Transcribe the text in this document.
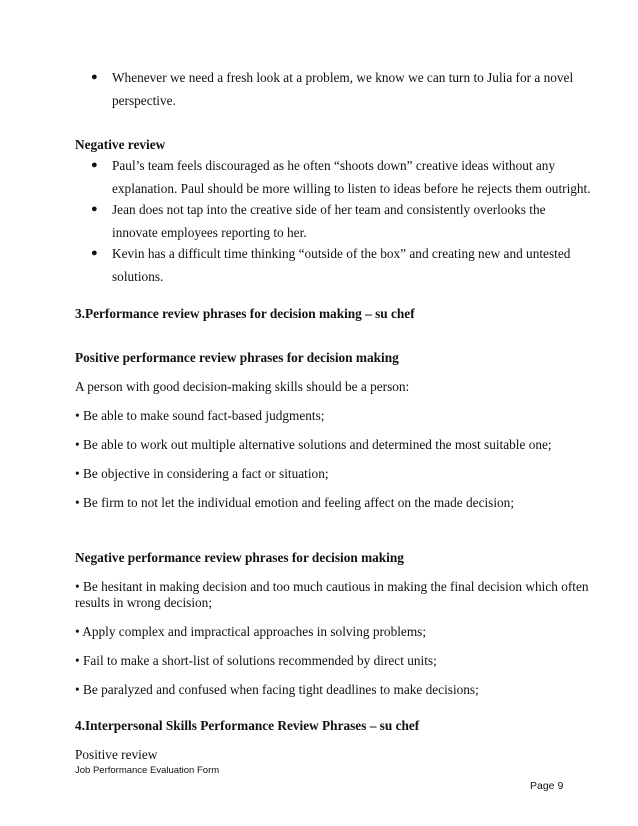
● Whenever we need a fresh look at a problem, we know we can turn to Julia for a novel
perspective.
Negative review
● Paul’s team feels discouraged as he often “shoots down” creative ideas without any
explanation. Paul should be more willing to listen to ideas before he rejects them outright.
● Jean does not tap into the creative side of her team and consistently overlooks the
innovate employees reporting to her.
● Kevin has a difficult time thinking “outside of the box” and creating new and untested
solutions.
3.Performance review phrases for decision making – su chef
Positive performance review phrases for decision making
A person with good decision-making skills should be a person:
• Be able to make sound fact-based judgments;
• Be able to work out multiple alternative solutions and determined the most suitable one;
• Be objective in considering a fact or situation;
• Be firm to not let the individual emotion and feeling affect on the made decision;
Negative performance review phrases for decision making
• Be hesitant in making decision and too much cautious in making the final decision which often
results in wrong decision;
• Apply complex and impractical approaches in solving problems;
• Fail to make a short-list of solutions recommended by direct units;
• Be paralyzed and confused when facing tight deadlines to make decisions;
4.Interpersonal Skills Performance Review Phrases – su chef
Positive review
Job Performance Evaluation Form
Page 9
